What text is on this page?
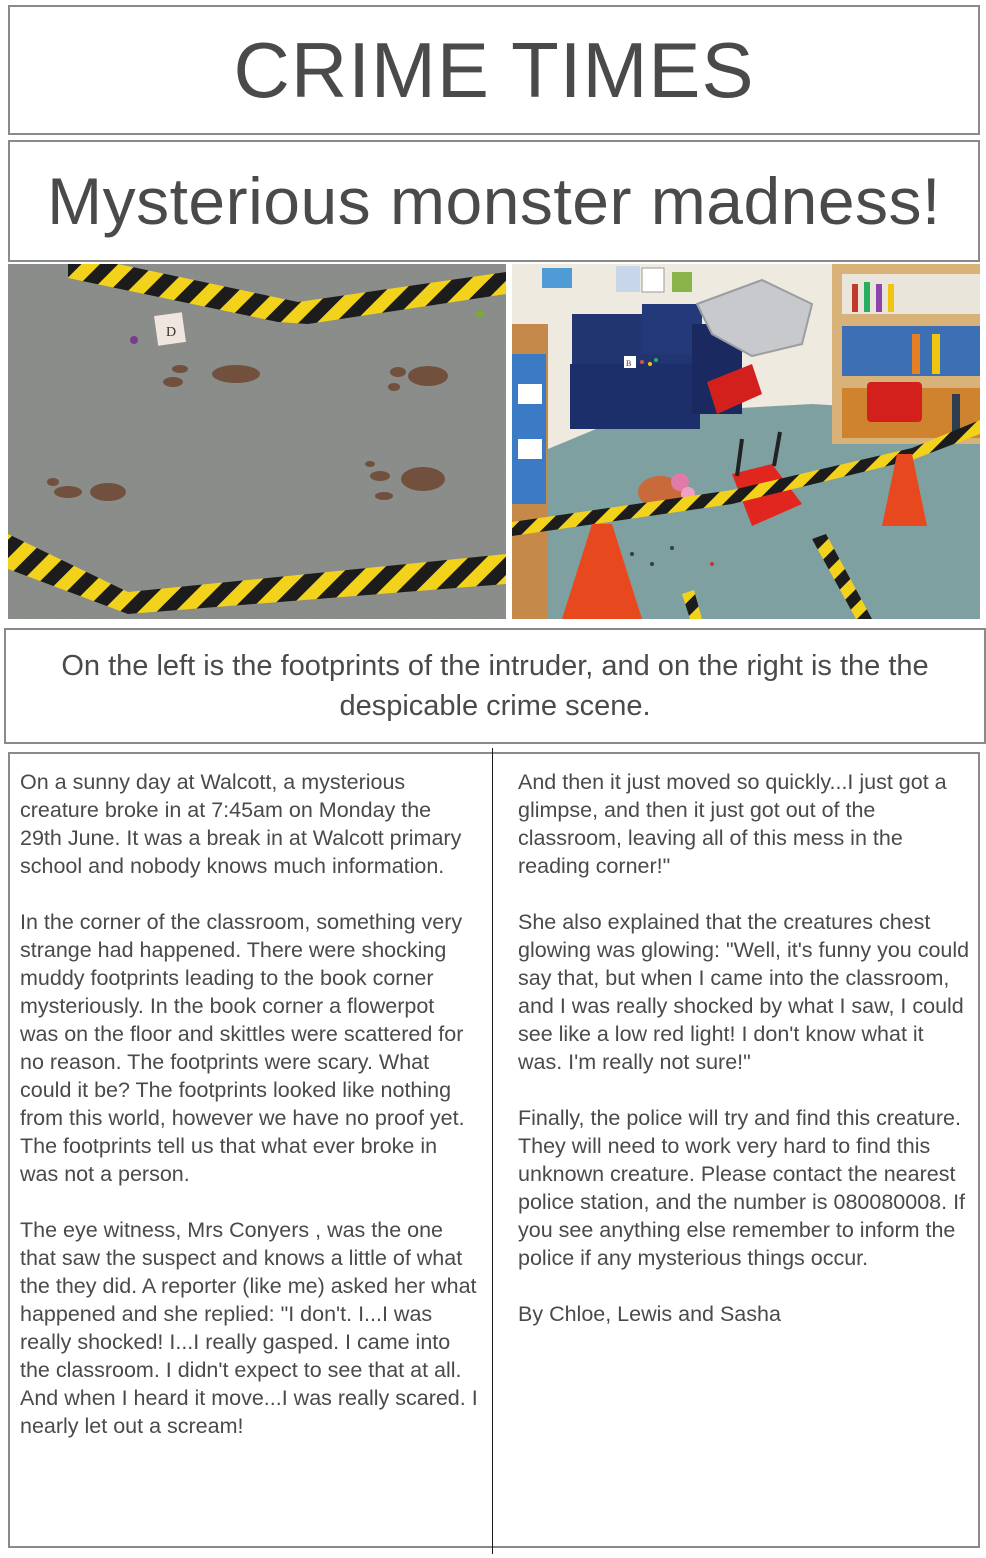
CRIME TIMES
Mysterious monster madness!
D
B
On the left is the footprints of the intruder, and on the right is the the despicable crime scene.

On a sunny day at Walcott, a mysterious creature broke in at 7:45am on Monday the 29th June. It was a break in at Walcott primary school and nobody knows much information.

In the corner of the classroom, something very strange had happened. There were shocking muddy footprints leading to the book corner mysteriously. In the book corner a flowerpot was on the floor and skittles were scattered for no reason. The footprints were scary. What could it be? The footprints looked like nothing from this world, however we have no proof yet. The footprints tell us that what ever broke in was not a person.

The eye witness, Mrs Conyers , was the one that saw the suspect and knows a little of what the they did. A reporter (like me) asked her what happened and she replied: "I don't. I...I was really shocked! I...I really gasped. I came into the classroom. I didn't expect to see that at all. And when I heard it move...I was really scared. I nearly let out a scream!

And then it just moved so quickly...I just got a glimpse, and then it just got out of the classroom, leaving all of this mess in the reading corner!"

She also explained that the creatures chest glowing was glowing: "Well, it's funny you could say that, but when I came into the classroom, and I was really shocked by what I saw, I could see like a low red light! I don't know what it was. I'm really not sure!"

Finally, the police will try and find this creature. They will need to work very hard to find this unknown creature. Please contact the nearest police station, and the number is 080080008. If you see anything else remember to inform the police if any mysterious things occur.

By Chloe, Lewis and Sasha
